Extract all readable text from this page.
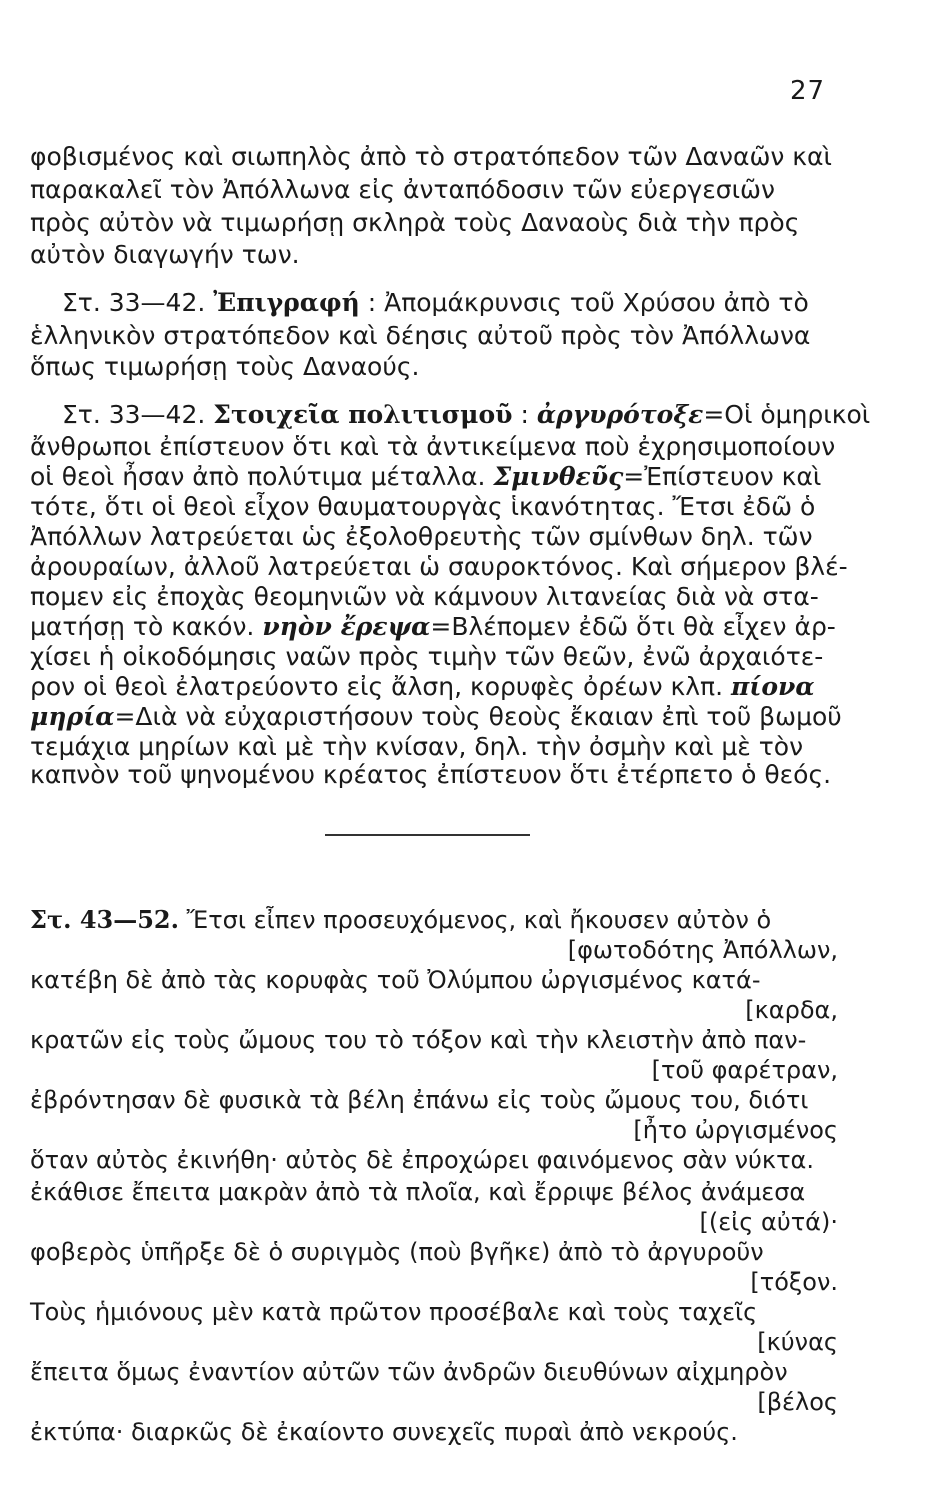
27
φοβισμένος καὶ σιωπηλὸς ἀπὸ τὸ στρατόπεδον τῶν Δαναῶν καὶ
παρακαλεῖ τὸν Ἀπόλλωνα εἰς ἀνταπόδοσιν τῶν εὐεργεσιῶν
πρὸς αὐτὸν νὰ τιμωρήσῃ σκληρὰ τοὺς Δαναοὺς διὰ τὴν πρὸς
αὐτὸν διαγωγήν των.
Στ. 33—42. Ἐπιγραφή : Ἀπομάκρυνσις τοῦ Χρύσου ἀπὸ τὸ
ἑλληνικὸν στρατόπεδον καὶ δέησις αὐτοῦ πρὸς τὸν Ἀπόλλωνα
ὅπως τιμωρήσῃ τοὺς Δαναούς.
Στ. 33—42. Στοιχεῖα πολιτισμοῦ : ἀργυρότοξε=Οἱ ὁμηρικοὶ
ἄνθρωποι ἐπίστευον ὅτι καὶ τὰ ἀντικείμενα ποὺ ἐχρησιμοποίουν
οἱ θεοὶ ἦσαν ἀπὸ πολύτιμα μέταλλα. Σμινθεῦς=Ἐπίστευον καὶ
τότε, ὅτι οἱ θεοὶ εἶχον θαυματουργὰς ἱκανότητας. Ἔτσι ἐδῶ ὁ
Ἀπόλλων λατρεύεται ὡς ἐξολοθρευτὴς τῶν σμίνθων δηλ. τῶν
ἀρουραίων, ἀλλοῦ λατρεύεται ὡ σαυροκτόνος. Καὶ σήμερον βλέ-
πομεν εἰς ἐποχὰς θεομηνιῶν νὰ κάμνουν λιτανείας διὰ νὰ στα-
ματήσῃ τὸ κακόν. νηὸν ἔρεψα=Βλέπομεν ἐδῶ ὅτι θὰ εἶχεν ἀρ-
χίσει ἡ οἰκοδόμησις ναῶν πρὸς τιμὴν τῶν θεῶν, ἐνῶ ἀρχαιότε-
ρον οἱ θεοὶ ἐλατρεύοντο εἰς ἄλση, κορυφὲς ὀρέων κλπ. πίονα
μηρία=Διὰ νὰ εὐχαριστήσουν τοὺς θεοὺς ἔκαιαν ἐπὶ τοῦ βωμοῦ
τεμάχια μηρίων καὶ μὲ τὴν κνίσαν, δηλ. τὴν ὀσμὴν καὶ μὲ τὸν
καπνὸν τοῦ ψηνομένου κρέατος ἐπίστευον ὅτι ἐτέρπετο ὁ θεός.
Στ. 43—52. Ἔτσι εἶπεν προσευχόμενος, καὶ ἤκουσεν αὐτὸν ὁ
[φωτοδότης Ἀπόλλων,
κατέβη δὲ ἀπὸ τὰς κορυφὰς τοῦ Ὀλύμπου ὠργισμένος κατά-
[καρδα,
κρατῶν εἰς τοὺς ὤμους του τὸ τόξον καὶ τὴν κλειστὴν ἀπὸ παν-
[τοῦ φαρέτραν,
ἐβρόντησαν δὲ φυσικὰ τὰ βέλη ἐπάνω εἰς τοὺς ὤμους του, διότι
[ἦτο ὠργισμένος
ὅταν αὐτὸς ἐκινήθη· αὐτὸς δὲ ἐπροχώρει φαινόμενος σὰν νύκτα.
ἐκάθισε ἔπειτα μακρὰν ἀπὸ τὰ πλοῖα, καὶ ἔρριψε βέλος ἀνάμεσα
[(εἰς αὐτά)·
φοβερὸς ὑπῆρξε δὲ ὁ συριγμὸς (ποὺ βγῆκε) ἀπὸ τὸ ἀργυροῦν
[τόξον.
Τοὺς ἡμιόνους μὲν κατὰ πρῶτον προσέβαλε καὶ τοὺς ταχεῖς
[κύνας
ἔπειτα ὅμως ἐναντίον αὐτῶν τῶν ἀνδρῶν διευθύνων αἰχμηρὸν
[βέλος
ἐκτύπα· διαρκῶς δὲ ἐκαίοντο συνεχεῖς πυραὶ ἀπὸ νεκρούς.
